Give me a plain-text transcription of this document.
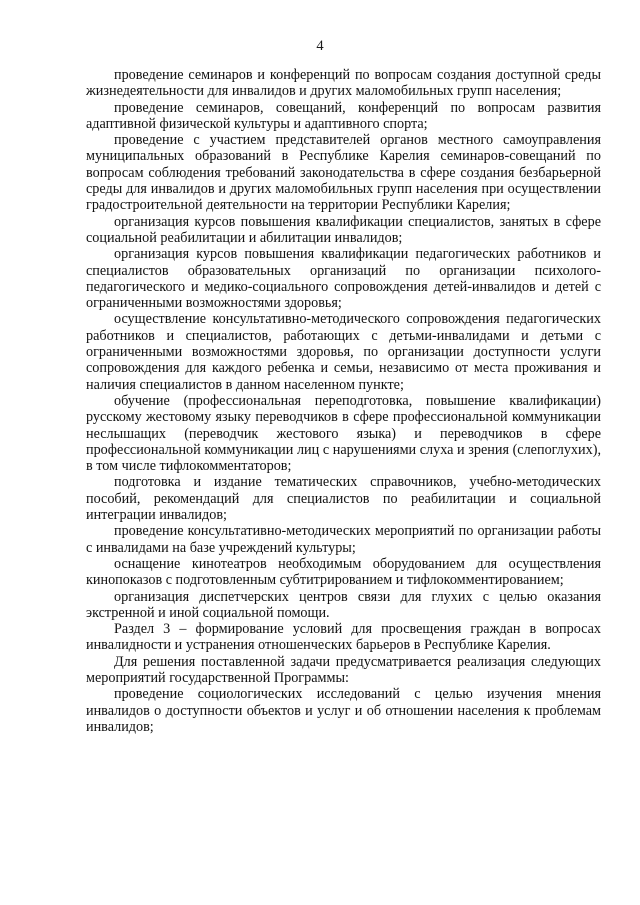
4

проведение семинаров и конференций по вопросам создания доступной среды жизнедеятельности для инвалидов и других маломобильных групп населения;

проведение семинаров, совещаний, конференций по вопросам развития адаптивной физической культуры и адаптивного спорта;

проведение с участием представителей органов местного самоуправления муниципальных образований в Республике Карелия семинаров-совещаний по вопросам соблюдения требований законодательства в сфере создания безбарьерной среды для инвалидов и других маломобильных групп населения при осуществлении градостроительной деятельности на территории Республики Карелия;

организация курсов повышения квалификации специалистов, занятых в сфере социальной реабилитации и абилитации инвалидов;

организация курсов повышения квалификации педагогических работников и специалистов образовательных организаций по организации психолого-педагогического и медико-социального сопровождения детей-инвалидов и детей с ограниченными возможностями здоровья;

осуществление консультативно-методического сопровождения педагогических работников и специалистов, работающих с детьми-инвалидами и детьми с ограниченными возможностями здоровья, по организации доступности услуги сопровождения для каждого ребенка и семьи, независимо от места проживания и наличия специалистов в данном населенном пункте;

обучение (профессиональная переподготовка, повышение квалификации) русскому жестовому языку переводчиков в сфере профессиональной коммуникации неслышащих (переводчик жестового языка) и переводчиков в сфере профессиональной коммуникации лиц с нарушениями слуха и зрения (слепоглухих), в том числе тифлокомментаторов;

подготовка и издание тематических справочников, учебно-методических пособий, рекомендаций для специалистов по реабилитации и социальной интеграции инвалидов;

проведение консультативно-методических мероприятий по организации работы с инвалидами на базе учреждений культуры;

оснащение кинотеатров необходимым оборудованием для осуществления кинопоказов с подготовленным субтитрированием и тифлокомментированием;

организация диспетчерских центров связи для глухих с целью оказания экстренной и иной социальной помощи.

Раздел 3 – формирование условий для просвещения граждан в вопросах инвалидности и устранения отношенческих барьеров в Республике Карелия.

Для решения поставленной задачи предусматривается реализация следующих мероприятий государственной Программы:

проведение социологических исследований с целью изучения мнения инвалидов о доступности объектов и услуг и об отношении населения к проблемам инвалидов;
